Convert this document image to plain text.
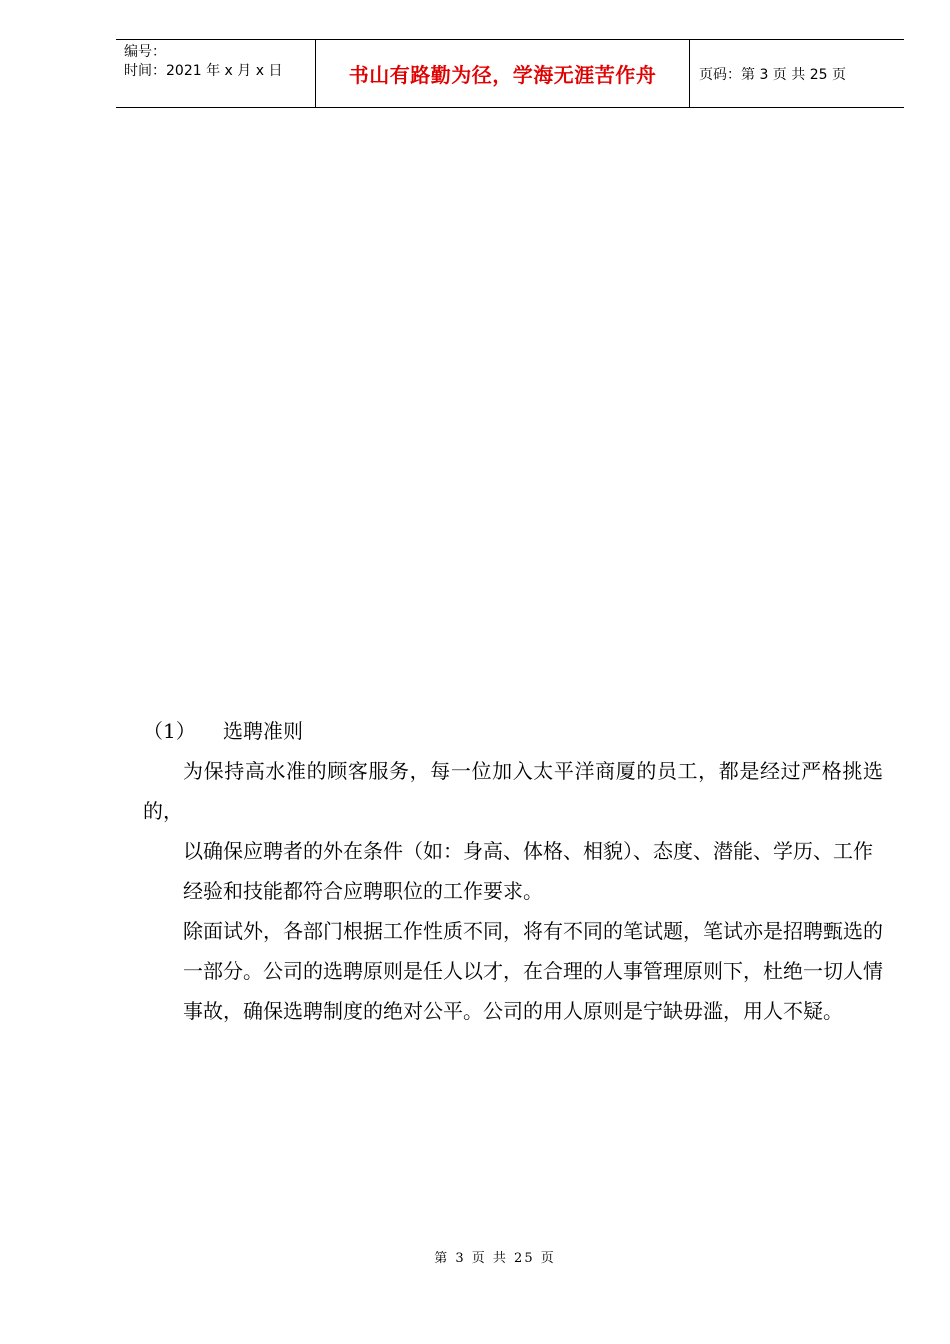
编号：
时间：2021 年 x 月 x 日	书山有路勤为径，学海无涯苦作舟	页码：第 3 页 共 25 页
（1）	选聘准则

为保持高水准的顾客服务，每一位加入太平洋商厦的员工，都是经过严格挑选的，

以确保应聘者的外在条件（如：身高、体格、相貌）、态度、潜能、学历、工作

经验和技能都符合应聘职位的工作要求。

除面试外，各部门根据工作性质不同，将有不同的笔试题，笔试亦是招聘甄选的

一部分。公司的选聘原则是任人以才，在合理的人事管理原则下，杜绝一切人情

事故，确保选聘制度的绝对公平。公司的用人原则是宁缺毋滥，用人不疑。

第 3 页 共 25 页
